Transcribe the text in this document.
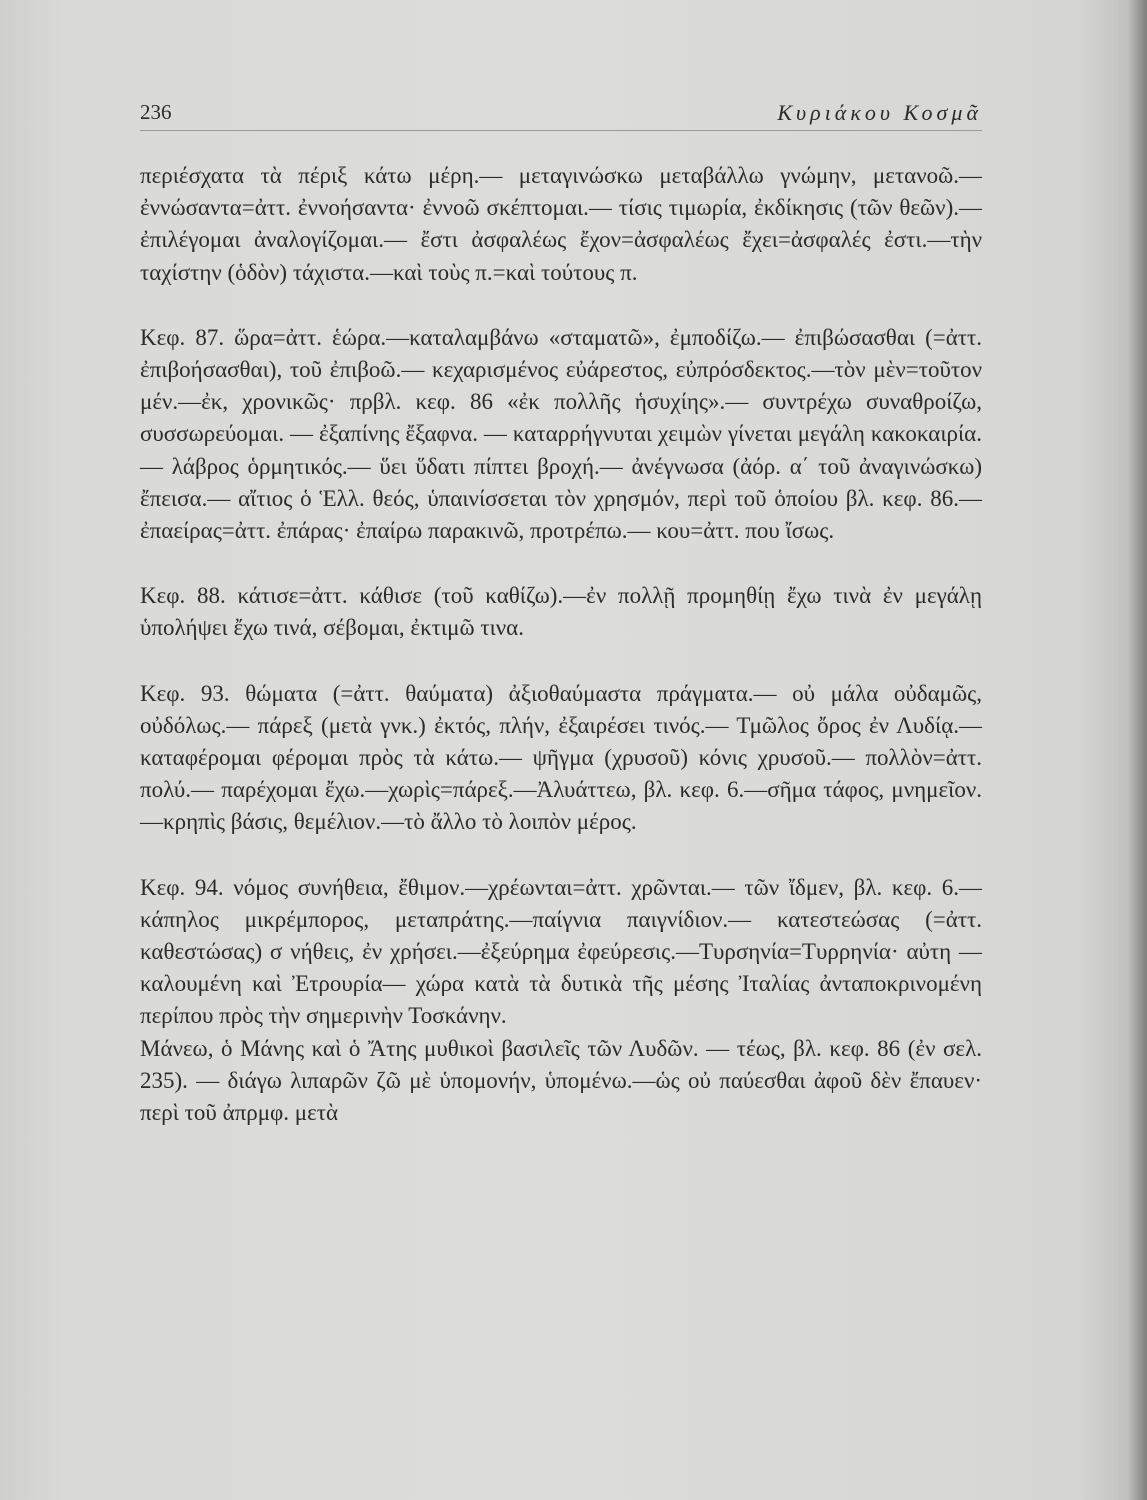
236	Κυριάκου Κοσμᾶ

περιέσχατα τὰ πέριξ κάτω μέρη.— μεταγινώσκω μεταβάλλω γνώμην, μετανοῶ.—ἐννώσαντα=ἀττ. ἐννοήσαντα· ἐννοῶ σκέπτομαι.— τίσις τιμωρία, ἐκδίκησις (τῶν θεῶν).— ἐπιλέγομαι ἀναλογίζομαι.— ἔστι ἀσφαλέως ἔχον=ἀσφαλέως ἔχει=ἀσφαλές ἐστι.—τὴν ταχίστην (ὁδὸν) τάχιστα.—καὶ τοὺς π.=καὶ τούτους π.

Κεφ. 87. ὥρα=ἀττ. ἑώρα.—καταλαμβάνω «σταματῶ», ἐμποδίζω.— ἐπιβώσασθαι (=ἀττ. ἐπιβοήσασθαι), τοῦ ἐπιβοῶ.— κεχαρισμένος εὐάρεστος, εὐπρόσδεκτος.—τὸν μὲν=τοῦτον μέν.—ἐκ, χρονικῶς· πρβλ. κεφ. 86 «ἐκ πολλῆς ἡσυχίης».— συντρέχω συναθροίζω, συσσωρεύομαι. — ἐξαπίνης ἔξαφνα. — καταρρήγνυται χειμὼν γίνεται μεγάλη κακοκαιρία.— λάβρος ὁρμητικός.— ὕει ὕδατι πίπτει βροχή.— ἀνέγνωσα (ἀόρ. α΄ τοῦ ἀναγινώσκω) ἔπεισα.— αἴτιος ὁ Ἑλλ. θεός, ὑπαινίσσεται τὸν χρησμόν, περὶ τοῦ ὁποίου βλ. κεφ. 86.—ἐπαείρας=ἀττ. ἐπάρας· ἐπαίρω παρακινῶ, προτρέπω.— κου=ἀττ. που ἴσως.

Κεφ. 88. κάτισε=ἀττ. κάθισε (τοῦ καθίζω).—ἐν πολλῇ προμηθίῃ ἔχω τινὰ ἐν μεγάλῃ ὑπολήψει ἔχω τινά, σέβομαι, ἐκτιμῶ τινα.

Κεφ. 93. θώματα (=ἀττ. θαύματα) ἀξιοθαύμαστα πράγματα.— οὐ μάλα οὐδαμῶς, οὐδόλως.— πάρεξ (μετὰ γνκ.) ἐκτός, πλήν, ἐξαιρέσει τινός.— Τμῶλος ὄρος ἐν Λυδίᾳ.— καταφέρομαι φέρομαι πρὸς τὰ κάτω.— ψῆγμα (χρυσοῦ) κόνις χρυσοῦ.— πολλὸν=ἀττ. πολύ.— παρέχομαι ἔχω.—χωρὶς=πάρεξ.—Ἀλυάττεω, βλ. κεφ. 6.—σῆμα τάφος, μνημεῖον.—κρηπὶς βάσις, θεμέλιον.—τὸ ἄλλο τὸ λοιπὸν μέρος.

Κεφ. 94. νόμος συνήθεια, ἔθιμον.—χρέωνται=ἀττ. χρῶνται.— τῶν ἴδμεν, βλ. κεφ. 6.—κάπηλος μικρέμπορος, μεταπράτης.—παίγνια παιγνίδιον.— κατεστεώσας (=ἀττ. καθεστώσας) σ νήθεις, ἐν χρήσει.—ἐξεύρημα ἐφεύρεσις.—Τυρσηνία=Τυρρηνία· αὐτη — καλουμένη καὶ Ἐτρουρία— χώρα κατὰ τὰ δυτικὰ τῆς μέσης Ἰταλίας ἀνταποκρινομένη περίπου πρὸς τὴν σημερινὴν Τοσκάνην.

Μάνεω, ὁ Μάνης καὶ ὁ Ἄτης μυθικοὶ βασιλεῖς τῶν Λυδῶν. — τέως, βλ. κεφ. 86 (ἐν σελ. 235). — διάγω λιπαρῶν ζῶ μὲ ὑπομονήν, ὑπομένω.—ὡς οὐ παύεσθαι ἀφοῦ δὲν ἔπαυεν· περὶ τοῦ ἀπρμφ. μετὰ
